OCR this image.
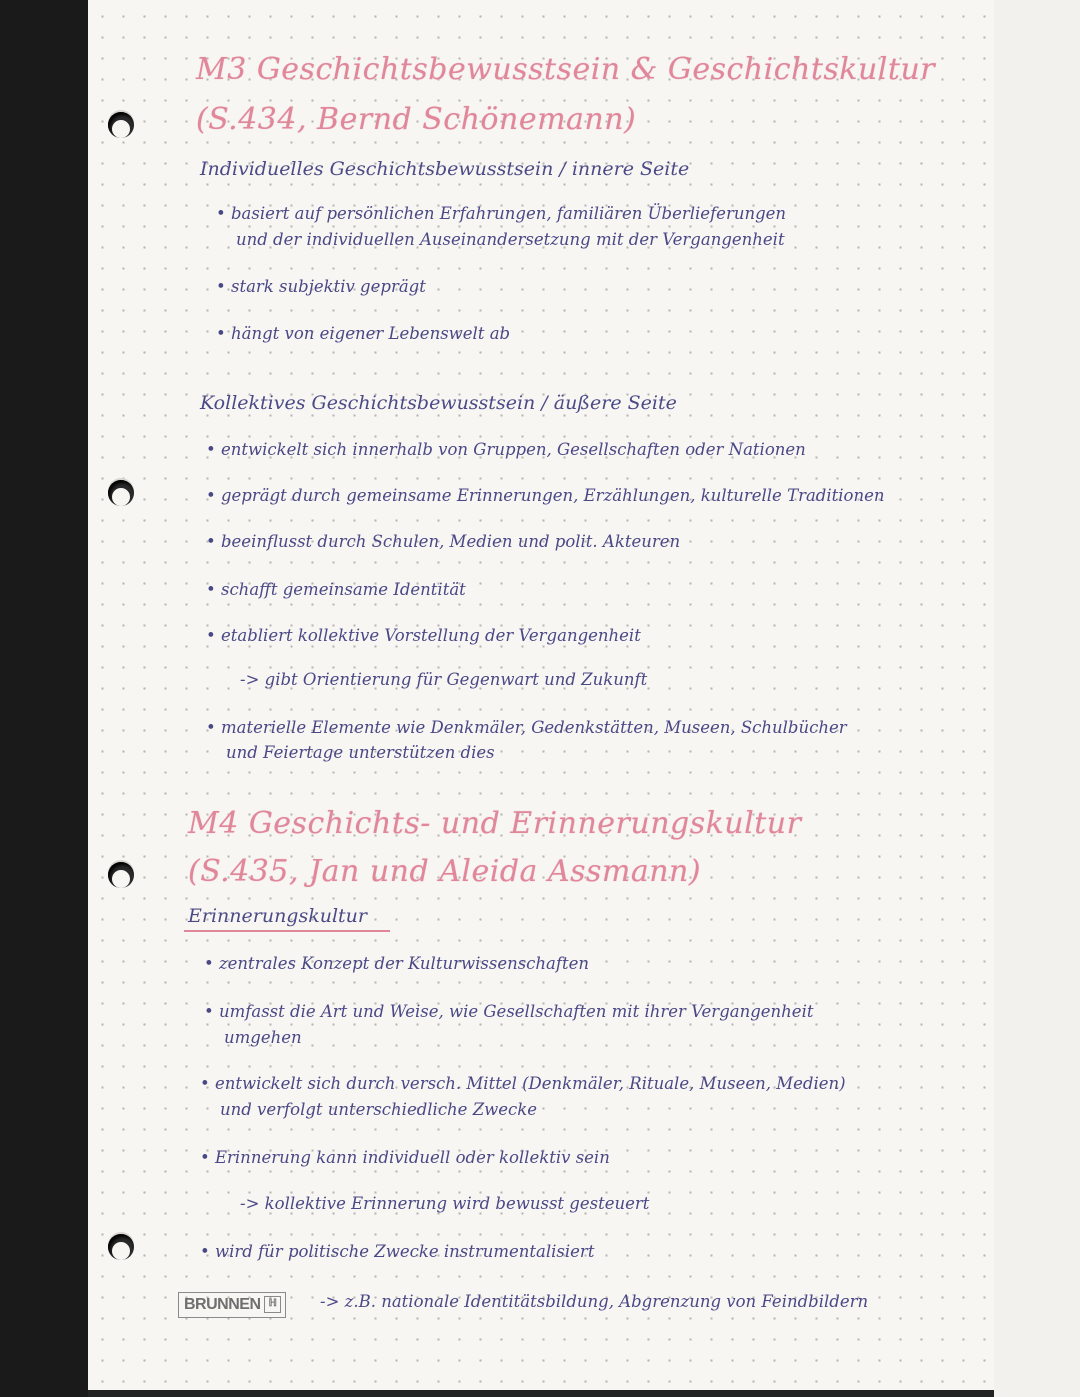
M3 Geschichtsbewusstsein & Geschichtskultur
(S.434, Bernd Schönemann)
Individuelles Geschichtsbewusstsein / innere Seite
• basiert auf persönlichen Erfahrungen, familiären Überlieferungen
und der individuellen Auseinandersetzung mit der Vergangenheit
• stark subjektiv geprägt
• hängt von eigener Lebenswelt ab
Kollektives Geschichtsbewusstsein / äußere Seite
• entwickelt sich innerhalb von Gruppen, Gesellschaften oder Nationen
• geprägt durch gemeinsame Erinnerungen, Erzählungen, kulturelle Traditionen
• beeinflusst durch Schulen, Medien und polit. Akteuren
• schafft gemeinsame Identität
• etabliert kollektive Vorstellung der Vergangenheit
-> gibt Orientierung für Gegenwart und Zukunft
• materielle Elemente wie Denkmäler, Gedenkstätten, Museen, Schulbücher
und Feiertage unterstützen dies
M4 Geschichts- und Erinnerungskultur
(S.435, Jan und Aleida Assmann)
Erinnerungskultur
• zentrales Konzept der Kulturwissenschaften
• umfasst die Art und Weise, wie Gesellschaften mit ihrer Vergangenheit
umgehen
• entwickelt sich durch versch. Mittel (Denkmäler, Rituale, Museen, Medien)
und verfolgt unterschiedliche Zwecke
• Erinnerung kann individuell oder kollektiv sein
-> kollektive Erinnerung wird bewusst gesteuert
• wird für politische Zwecke instrumentalisiert
-> z.B. nationale Identitätsbildung, Abgrenzung von Feindbildern
BRUNNEN ℍ
